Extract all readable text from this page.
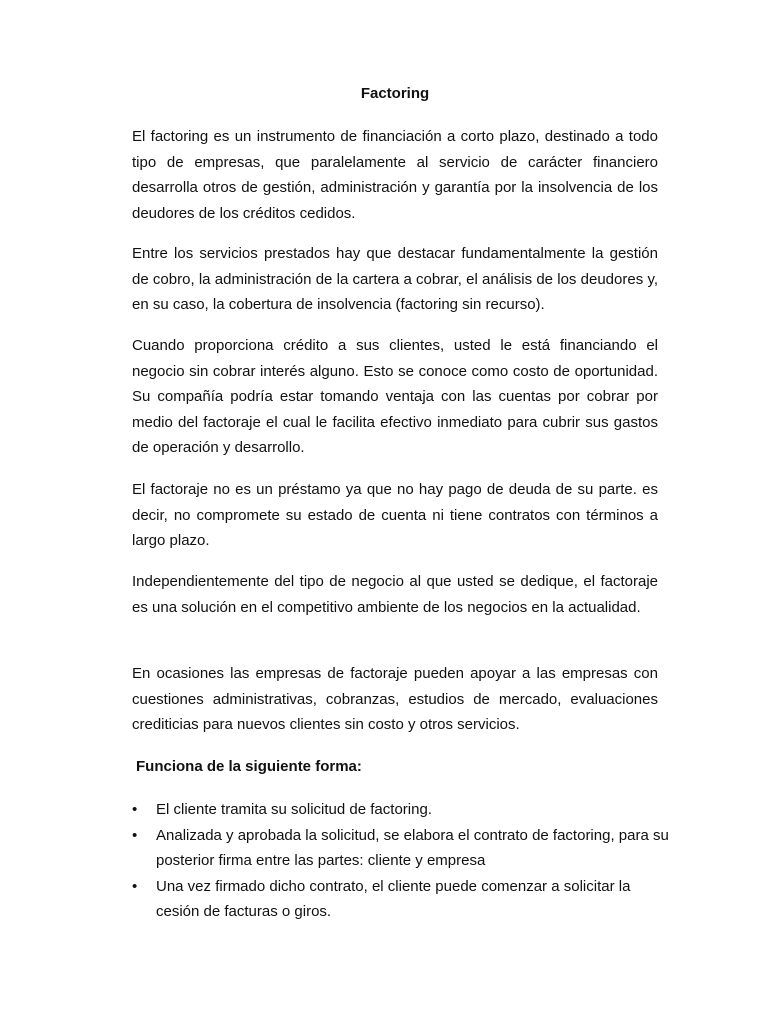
Factoring

El factoring es un instrumento de financiación a corto plazo, destinado a todo tipo de empresas, que paralelamente al servicio de carácter financiero desarrolla otros de gestión, administración y garantía por la insolvencia de los deudores de los créditos cedidos.

Entre los servicios prestados hay que destacar fundamentalmente la gestión de cobro, la administración de la cartera a cobrar, el análisis de los deudores y, en su caso, la cobertura de insolvencia (factoring sin recurso).

Cuando proporciona crédito a sus clientes, usted le está financiando el negocio sin cobrar interés alguno. Esto se conoce como costo de oportunidad. Su compañía podría estar tomando ventaja con las cuentas por cobrar por medio del factoraje el cual le facilita efectivo inmediato para cubrir sus gastos de operación y desarrollo.

El factoraje no es un préstamo ya que no hay pago de deuda de su parte. es decir, no compromete su estado de cuenta ni tiene contratos con términos a largo plazo.

Independientemente del tipo de negocio al que usted se dedique, el factoraje es una solución en el competitivo ambiente de los negocios en la actualidad.

En ocasiones las empresas de factoraje pueden apoyar a las empresas con cuestiones administrativas, cobranzas, estudios de mercado, evaluaciones crediticias para nuevos clientes sin costo y otros servicios.

Funciona de la siguiente forma:
• El cliente tramita su solicitud de factoring.
• Analizada y aprobada la solicitud, se elabora el contrato de factoring, para su posterior firma entre las partes: cliente y empresa
• Una vez firmado dicho contrato, el cliente puede comenzar a solicitar la cesión de facturas o giros.
